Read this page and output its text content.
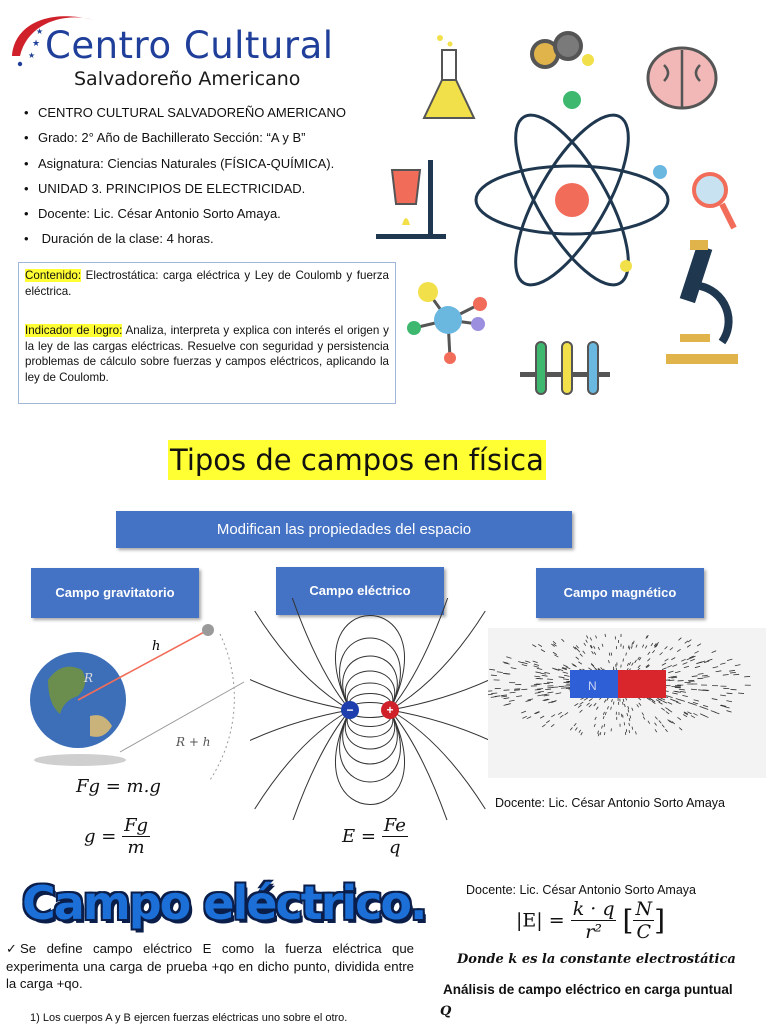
★
★
★ Centro Cultural
Salvadoreño Americano
• CENTRO CULTURAL SALVADOREÑO AMERICANO
• Grado: 2° Año de Bachillerato Sección: “A y B”
• Asignatura: Ciencias Naturales (FÍSICA-QUÍMICA).
• UNIDAD 3. PRINCIPIOS DE ELECTRICIDAD.
• Docente: Lic. César Antonio Sorto Amaya.
• Duración de la clase: 4 horas.

Contenido: Electrostática: carga eléctrica y Ley de Coulomb y fuerza eléctrica.

Indicador de logro: Analiza, interpreta y explica con interés el origen y la ley de las cargas eléctricas. Resuelve con seguridad y persistencia problemas de cálculo sobre fuerzas y campos eléctricos, aplicando la ley de Coulomb.

Tipos de campos en física
Modifican las propiedades del espacio
Campo gravitatorio	Campo eléctrico	Campo magnético
h
R
R + h
Fg = m.g
$g = \frac{Fg}{m}$
−	+
$E = \frac{Fe}{q}$
N
Docente: Lic. César Antonio Sorto Amaya
Campo eléctrico.	Docente: Lic. César Antonio Sorto Amaya
$|E| = \frac{k \cdot q}{\text{r²}}$ [ $\frac{N}{C}$ ]
Donde k es la constante electrostática
✓ Se define campo eléctrico E como la fuerza eléctrica que experimenta una carga de prueba +qo en dicho punto, dividida entre la carga +qo.	Análisis de campo eléctrico en carga puntual
1) Los cuerpos A y B ejercen fuerzas eléctricas uno sobre el otro.	Q
